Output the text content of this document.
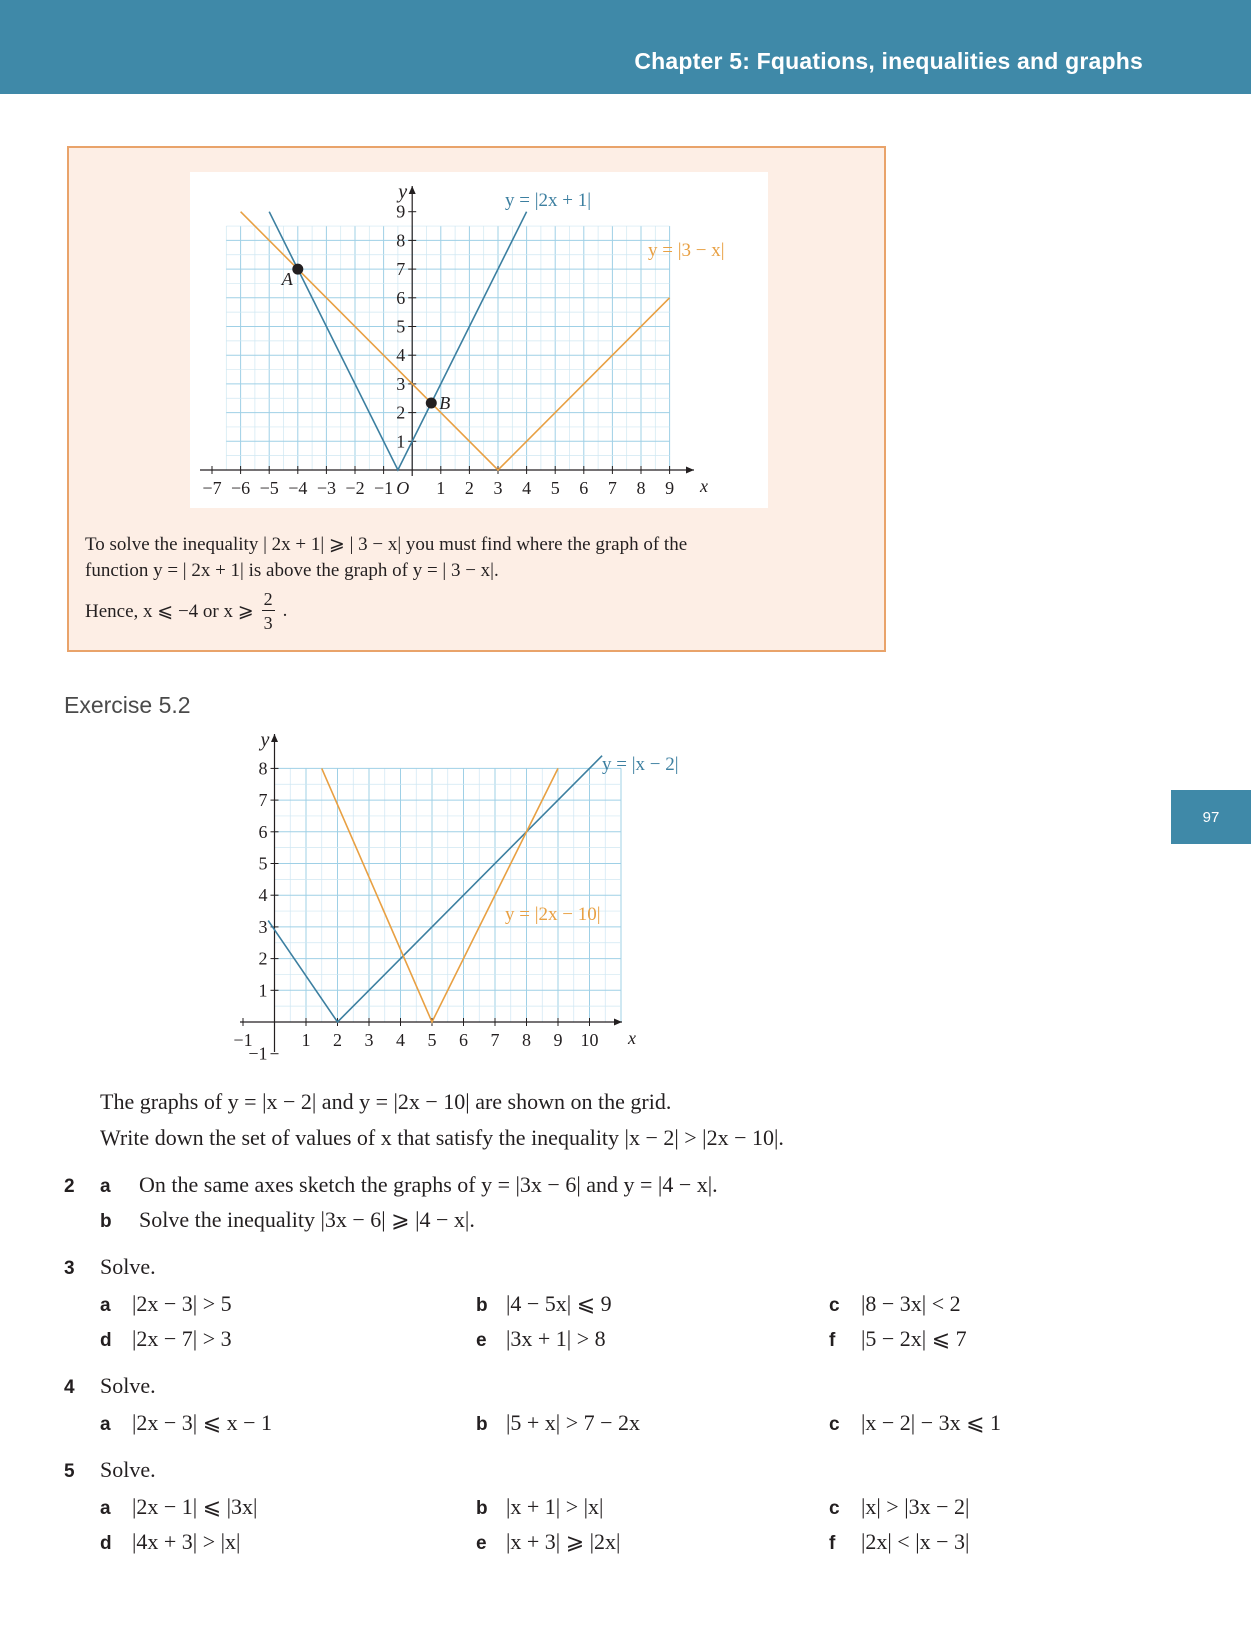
Chapter 5: Fquations, inequalities and graphs
97
−7 −6 −5 −4 −3 −2 −1 1 2 3 4 5 6 7 8 9
1
2
3
4
5
6
7
8
9
x
y
O
y = |2x + 1|
y = |3 − x|
A
B

To solve the inequality | 2x + 1| ⩾ | 3 − x| you must find where the graph of the

function y = | 2x + 1| is above the graph of y = | 3 − x|.

Hence, x ⩽ −4 or x ⩾ $\frac{2}{3}$ .
Exercise 5.2
−1	1 2 3 4 5 6 7 8 9 10
−1
1
2
3
4
5
6
7
8
x
y
y = |x − 2|
y = |2x − 10|
The graphs of y = |x − 2| and y = |2x − 10| are shown on the grid.
Write down the set of values of x that satisfy the inequality |x − 2| > |2x − 10|.
2 a On the same axes sketch the graphs of y = |3x − 6| and y = |4 − x|.
b Solve the inequality |3x − 6| ⩾ |4 − x|.
3 Solve.
a |2x − 3| > 5	b |4 − 5x| ⩽ 9	c |8 − 3x| < 2
d |2x − 7| > 3	e |3x + 1| > 8	f |5 − 2x| ⩽ 7
4 Solve.
a |2x − 3| ⩽ x − 1	b |5 + x| > 7 − 2x	c |x − 2| − 3x ⩽ 1
5 Solve.
a |2x − 1| ⩽ |3x|	b |x + 1| > |x|	c |x| > |3x − 2|
d |4x + 3| > |x|	e |x + 3| ⩾ |2x|	f |2x| < |x − 3|
